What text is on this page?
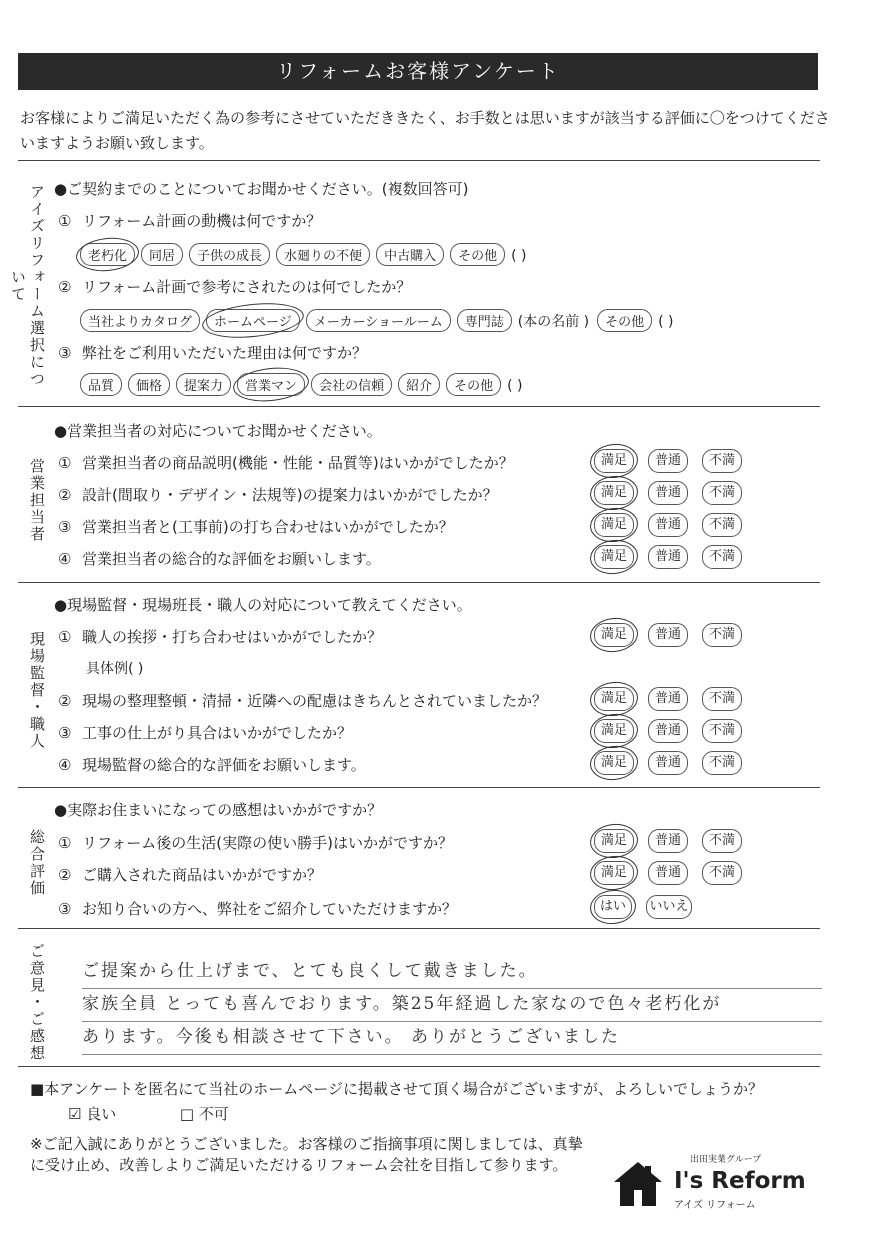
リフォームお客様アンケート
お客様によりご満足いただく為の参考にさせていただききたく、お手数とは思いますが該当する評価に〇をつけてくださいますようお願い致します。
アイズリフォーム選択について
●ご契約までのことについてお聞かせください。(複数回答可)
① リフォーム計画の動機は何ですか？
老朽化 同居 子供の成長 水廻りの不便 中古購入 その他 ( )
② リフォーム計画で参考にされたのは何でしたか？
当社よりカタログ ホームページ メーカーショールーム 専門誌 (本の名前 ) その他 ( )
③ 弊社をご利用いただいた理由は何ですか？
品質 価格 提案力 営業マン 会社の信頼 紹介 その他 ( )
営業担当者
●営業担当者の対応についてお聞かせください。
① 営業担当者の商品説明(機能・性能・品質等)はいかがでしたか？	満足 普通 不満
② 設計(間取り・デザイン・法規等)の提案力はいかがでしたか？	満足 普通 不満
③ 営業担当者と(工事前)の打ち合わせはいかがでしたか？	満足 普通 不満
④ 営業担当者の総合的な評価をお願いします。	満足 普通 不満
現場監督・職人
●現場監督・現場班長・職人の対応について教えてください。
① 職人の挨拶・打ち合わせはいかがでしたか？	満足 普通 不満
具体例( )
② 現場の整理整頓・清掃・近隣への配慮はきちんとされていましたか？	満足 普通 不満
③ 工事の仕上がり具合はいかがでしたか？	満足 普通 不満
④ 現場監督の総合的な評価をお願いします。	満足 普通 不満
総合評価
●実際お住まいになっての感想はいかがですか？
① リフォーム後の生活(実際の使い勝手)はいかがですか？	満足 普通 不満
② ご購入された商品はいかがですか？	満足 普通 不満
③ お知り合いの方へ、弊社をご紹介していただけますか？	はい いいえ
ご意見・ご感想 ご提案から仕上げまで、とても良くして戴きました。
家族全員 とっても喜んでおります。築25年経過した家なので色々老朽化が
あります。今後も相談させて下さい。 ありがとうございました
■本アンケートを匿名にて当社のホームページに掲載させて頂く場合がございますが、よろしいでしょうか？
☑ 良い	□ 不可
※ご記入誠にありがとうございました。お客様のご指摘事項に関しましては、真摯
に受け止め、改善しよりご満足いただけるリフォーム会社を目指して参ります。	出田実業グループ
I's Reform
アイズ リフォーム
